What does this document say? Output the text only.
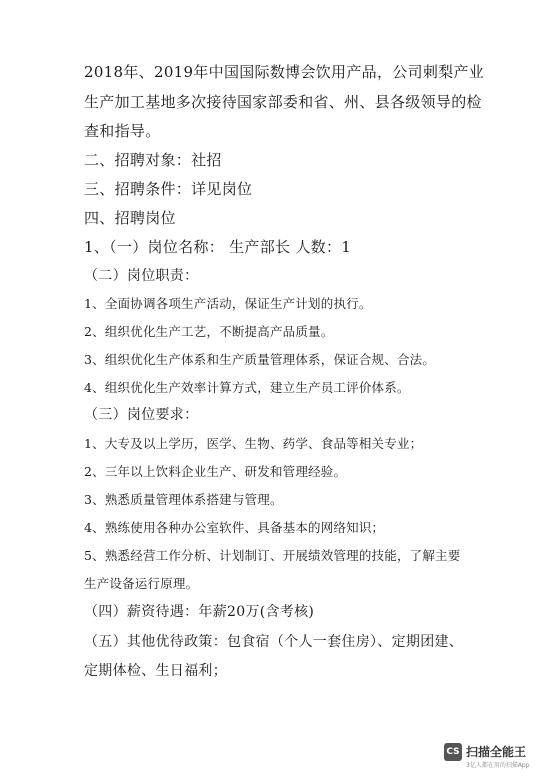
2018年、2019年中国国际数博会饮用产品，公司刺梨产业
生产加工基地多次接待国家部委和省、州、县各级领导的检
查和指导。
二、招聘对象：社招
三、招聘条件：详见岗位
四、招聘岗位
1、（一）岗位名称： 生产部长 人数：1
（二）岗位职责：
1、全面协调各项生产活动，保证生产计划的执行。
2、组织优化生产工艺，不断提高产品质量。
3、组织优化生产体系和生产质量管理体系，保证合规、合法。
4、组织优化生产效率计算方式，建立生产员工评价体系。
（三）岗位要求：
1、大专及以上学历，医学、生物、药学、食品等相关专业；
2、三年以上饮料企业生产、研发和管理经验。
3、熟悉质量管理体系搭建与管理。
4、熟练使用各种办公室软件、具备基本的网络知识；
5、熟悉经营工作分析、计划制订、开展绩效管理的技能，了解主要
生产设备运行原理。
（四）薪资待遇：年薪20万(含考核)
（五）其他优待政策：包食宿（个人一套住房）、定期团建、
定期体检、生日福利；
CS 扫描全能王
3亿人都在用的扫描App
